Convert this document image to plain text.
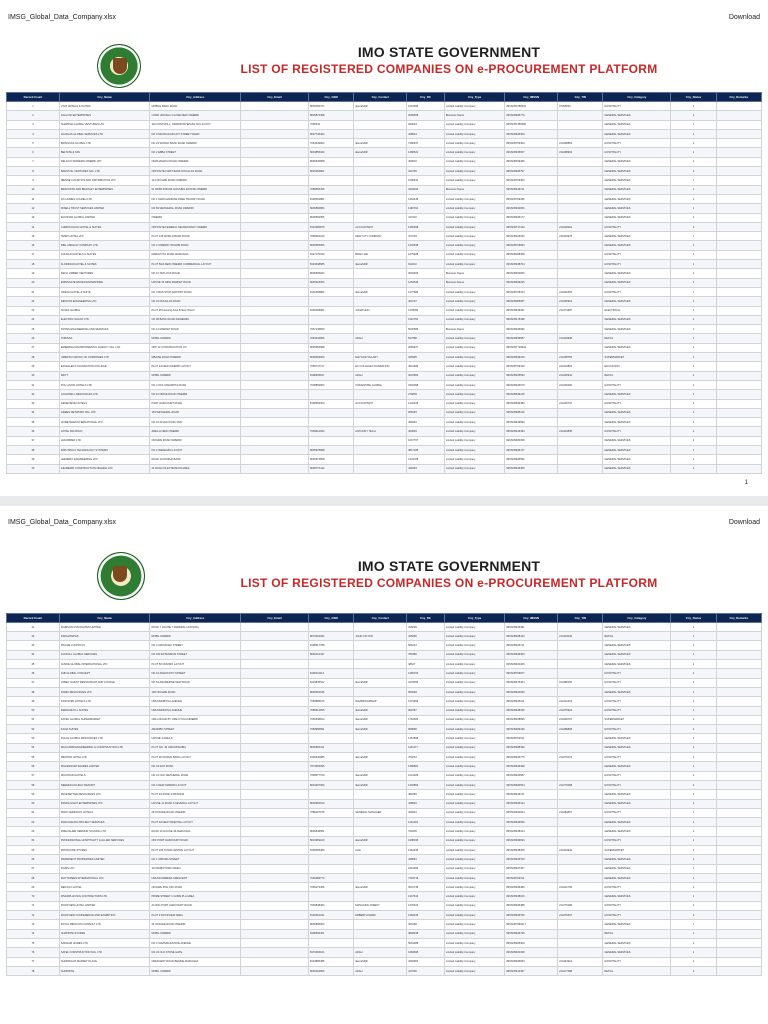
IMSG_Global_Data_Company.xlsx	Download
IMO STATE GOVERNMENT
LIST OF REGISTERED COMPANIES ON e-PROCUREMENT PLATFORM
Record Count	Cny_Name	Cny_Address	Cny_Email	Cny_GSM	Cny_Contact	Cny_RC	Cny_Type	Cny_IMSSN	Cny_TIN	Cny_Category	Cny_Status	Cny_Remarks
1	VTAT HOTELS & SUITES	MOBILE BANK ROAD		8036456767	ikamaSDR	1016695	Limited Liability Company	IMSSN57258404	07456836	HOSPITALITY	1	
2	GALLOSI ENTERPRISES	CORD UMUAGU CLOSE NEW OWERRI		8036872468		2099658	Business Name	IMSSN5486779		GENERAL SERVICES	1	
3	SHARPLE GLOBAL VENTURES LTD	110 CONTROLL, OWERRI BYEPASS NO LAYOUT		7065542		943643	Limited Liability Company	IMSSN57458389		GENERAL SERVICES	1	
4	LUADLAS GLOBAL SERVICES LTD	NO 9 MUONAGOR HOT STREET WARD		8037746464		448643	Limited Liability Company	IMSSN5465459		GENERAL SERVICES	1	
5	BIONGKAS GLOBAL LTD	NO 23 WORLD BANK ROAD OWERRI		7064649963	ikamaSDR	7480637	Limited Liability Company	IMSSN5756453	214498893	HOSPITALITY	1	
6	BELTATE & SPA	NO 2 EBBA STREET		8034855460	ikamaSDR	1480521	Limited Liability Company	IMSSN5495057	214498963	HOSPITALITY	1	
7	DELICCO MODERN OWERRI LTD	OKWUAMAKU ROAD OWERRI		8036546898		493910	Limited Liability Company	IMSSN5039496		GENERAL SERVICES	1	
8	BANSTOIL VENTURES NIG. LTD	OPPOSITE FIRST BANK DOUGLAS ROAD		8036456861		344755	Limited Liability Company	IMSSN5486797		GENERAL SERVICES	1	
9	IBENNE LOGISTICS AND DISTRIBUTION LTD	121 OKIGWE ROAD OWERRI				1048611	Limited Liability Company	IMSSN5706460		GENERAL SERVICES	1	
10	BRAVOSTO AND BRAOLEY ENTERPRISES	51 WORLD BANK HOUSING ESTATE OWERRI		7089656496		3449044	Business Name	IMSSN5449711		GENERAL SERVICES	1	
11	OC HOMES COLDEH LTD	NO 1 MARCHANDISE FREE TRANSIT ROAD		8138054881		1364448	Limited Liability Company	IMSSN5709186		GENERAL SERVICES	1	
12	MINELL TRUST SERVICES LIMITED	NO 69 WETHERAL ROAD OWERRI		8036866884		1196794	Limited Liability Company	IMSSN5494050		GENERAL SERVICES	1	
13	ECOSTAR GLOBAL LIMITED	OWERRI		8036569956		417410	Limited Liability Company	IMSSN5496177		GENERAL SERVICES	1	
14	CHRISTAGOLD HOTEL & SUITES	OPPOSITE FEDERAL SECRETARIAT OWERRI		8134386875	ACCOUNTANT	1450998	Limited Liability Company	IMSSN5717443	214429091	HOSPITALITY	1	
15	TEMPI HOTEL LTD	PLOT 145 WORLD BANK ROAD		7086963244	NEW CITY COMPANY	474703	Limited Liability Company	IMSSN5406949	214404978	GENERAL SERVICES	1	
16	DIEL ASPHALT COMPANY LTD	NO 4 OWERRI OKIGWE ROAD		8036655056		1434638	Limited Liability Company	IMSSN5706993		GENERAL SERVICES	1	
17	CHUGLIN HOTELS & SUITES	MARAVOTO ROAD AMAKOHIA		8147170040	BRAN JAE	1275488	Limited Liability Company	IMSSN5098458		HOSPITALITY	1	
18	FLORIDIAN HOTEL & SUITES	PLOT 50/A NEW OWERRI COMMERCIAL LAYOUT		8133648685	ikamaSDR	643210	Limited Liability Company	IMSSN5498704		HOSPITALITY	1	
19	KELVI LIMBER VENTURES	NO 10 TETLOCK ROAD		8036505294		3094455	Business Name	IMSSN5454950		GENERAL SERVICES	1	
20	EDINSGATE EFFIEN ENTERPRISE	HOUSE 34 NEW MARKET ROAD		8035318354		1454546	Business Name	IMSSN5469195		GENERAL SERVICES	1	
21	OKEZUI HOTEL & SUITE	NO 3 BUS STOP AIRPORT ROAD		8131668881	ikamaSDR	1477689	Limited Liability Company	IMSSN5705704	214426455	HOSPITALITY	1	
22	DENCON ENGINEERING LTD	NO 24 DOUGLAS ROAD				404737	Limited Liability Company	IMSSN5086967	214445904	GENERAL SERVICES	1	
23	SOJAS GLOBAL	PLOT 95 Housing Area B New Owerri		8136468081	JONATHON	1178089	Limited Liability Company	IMSSN5496361	214474387	ELECTRICAL	1	
24	ELECTRIC SHACK LTD	NO 38 BANK ROAD IKENEGBU				1101756	Limited Liability Company	IMSSN5476438		GENERAL SERVICES	1	
25	NOTES ENGINEERING AND SERVICES	NO 14 MARKET ROAD		7067145830		5040586	Business Name	IMSSN5496990		GENERAL SERVICES	1	
26	TORINSA	MOBIL OWERRI		7064344866	ADAH	817588	Limited Liability Company	IMSSN5456587	214404938	RETAIL	1	
27	EMIERRAH ENVIRONMENTAL AGENCY NIG. LTD	OPP 22 CONSTRUCTION CO		8036656688		2083977	Limited Liability Company	IMSSN57719994		GENERAL SERVICES	1	
28	UMEKWU GROUP OF COMPANIES LTD	MBAISE ROAD OWERRI		8038469909	MAYGOD VILLARY	345995	Limited Liability Company	IMSSN5499160	214408784	SUPERMARKET	1	
29	EXCELLENT FOUNDATION COLLEGE	PLOT 24 NEW OWERRI LAYOUT		7069747717	EX COLLEGE FOUNDATION	4541489	Limited Liability Company	IMSSN5766440	214416894	EDUCATION	1	
30	FRITT	MOBIL OWERRI		8138635817	ADAH	4034584	Limited Liability Company	IMSSN5405593	214405944	RETAIL	1	
31	POL LAVON HOTELS LTD	NO 3 OFF ASSUMPTA ROAD		7038869954	VINCENTIRE GLOBAL	3302098	Limited Liability Company	IMSSN5496679	214409160	HOSPITALITY	1	
32	GOLDWELL RESOURCES LTD	NO 16 NDIKE ROAD OWERRI				274809	Limited Liability Company	IMSSN5546145		GENERAL SERVICES	1	
33	GENEVIEVE HOTELS	PORT HARCOURT ROAD		8138656463	ACCOUNTANT	1403196	Limited Liability Company	IMSSN5696483	214415797	HOSPITALITY	1	
34	GREEN NETWORK NIG. LTD	153 WETHERAL ROAD				908145	Limited Liability Company	IMSSN5485216		GENERAL SERVICES	1	
35	HOMETEAM INTERNATIONAL LTD	NO 16 ALVAN IKOKU WAY				398349	Limited Liability Company	IMSSN5496893		GENERAL SERVICES	1	
36	HOTEL BIG BOLD	AREA H NEW OWERRI		7065612054	ANTHONY TECH	463894	Limited Liability Company	IMSSN5449494	214404845	HOSPITALITY	1	
37	HULOMBEX LTD	OKIGWE ROAD OWERRI				1047707	Limited Liability Company	IMSSN5484398		GENERAL SERVICES	1	
38	IMPUTROLS TECHNOLOGY SYSTEMS	NO 4 IKENEGBU LAYOUT		8035978898		3817185	Limited Liability Company	IMSSN5466747		GENERAL SERVICES	1	
39	LEENERO ENGINEERING LTD	ROAD 19 WORLD BANK		8036574858		1334708	Limited Liability Company	IMSSN5486596		GENERAL SERVICES	1	
40	IHIAMERIN CONSTRUCTION NIGERIA LTD	24 ROAD 09 EXTENSION AREA		8038770412		449463	Limited Liability Company	IMSSN5496465		GENERAL SERVICES	1	
1
IMSG_Global_Data_Company.xlsx	Download
IMO STATE GOVERNMENT
LIST OF REGISTERED COMPANIES ON e-PROCUREMENT PLATFORM
Record Count	Cny_Name	Cny_Address	Cny_Email	Cny_GSM	Cny_Contact	Cny_RC	Cny_Type	Cny_IMSSN	Cny_TIN	Cny_Category	Cny_Status	Cny_Remarks
41	IKAMSON ASSOCIATES LIMITED	ROAD 7 HOUSE 7 FEDERAL HOUSING				415099	Limited Liability Company	IMSSN5465391		GENERAL SERVICES	1	
42	INSIGHTEPHS	MOBIL OWERRI		8076464944	JOHN VICTOR	445096	Limited Liability Company	IMSSN5468413	214434044	RETAIL	1	
43	IPACHE LOGISTICS	NO 3 AMAUGWU STREET		8138617788		566213	Limited Liability Company	IMSSN5466711		GENERAL SERVICES	1	
44	JACKOLL GLOBAL SERVICES	NO 180 EXTENSION STREET		8036161447		789486	Limited Liability Company	IMSSN5496453		GENERAL SERVICES	1	
45	JASKIE GLOBAL INTERNATIONAL LTD	PLOT 56 ONUIMO LAYOUT				48647	Limited Liability Company	IMSSN5464406		GENERAL SERVICES	1	
46	JAB GLOBAL CONCEPT	NO 16 AMAOKOTO STREET		8138131114		1465700	Limited Liability Company	IMSSN5766977		HOSPITALITY	1	
47	JOBEC GUEST RESTAURANT AND LOUNGE	NO 54 ANAMEZINE NEW ROAD		8134845522	ikamaSDR	3178356	Limited Liability Company	IMSSN5476464	214488155	HOSPITALITY	1	
48	KAMKI RESOURCES LTD	138 OKIGWE ROAD		8036664646		954648	Limited Liability Company	IMSSN5404930		GENERAL SERVICES	1	
49	KASTAVEN HOTELS LTD	UMUOMOBOSU AVENUE		7068885976	WAZIRIWORSHIP	1373999	Limited Liability Company	IMSSN5495011	214412454	HOSPITALITY	1	
50	KEDDANHYLL SUITES	UMUOMODOVU AVENUE		7085614655	ikamaSDR	909787	Limited Liability Company	IMSSN5498166	214475924	HOSPITALITY	1	
51	KATEX GLOBAL SUPERMARKET	ORLU ROAD BY ORE-OTOLUKIMERRI		7066548814	ikamaSDR	1781565	Limited Liability Company	IMSSN5458995	214409787	SUPERMARKET	1	
52	KAVIA SUITES	AMARIBO STREET		7083955891	ikamaSDR	959896	Limited Liability Company	IMSSN5489199	214489808	HOSPITALITY	1	
53	KOLLE GLOBAL RESOURCES LTD	HOUSE 4 AREA K				1351898	Limited Liability Company	IMSSN5704511		GENERAL SERVICES	1	
54	MACCARBI ENGINEERING & CONSTRUCTION LTD	PLOT NO. 49 UMUOKWUBIA		8036866411		1101177	Limited Liability Company	IMSSN5488499		GENERAL SERVICES	1	
55	MENTOR HOTEL LTD	PLOT 90 WORLD BANK LAYOUT		8136640985	ikamaSDR	700264	Limited Liability Company	IMSSN5496775	214476073	HOSPITALITY	1	
56	MILLENNIUM SHARES LIMITED	NO 43 IHIO ROAD		7074665095		1389581	Limited Liability Company	IMSSN5496498		GENERAL SERVICES	1	
57	MOUNTAIN HOTELS	NO 16 OLD WETHERAL ROAD		7068677769	ikamaSDR	1241489	Limited Liability Company	IMSSN5464587		HOSPITALITY	1	
58	NEEDEN HOLIDAY RESORT	NO 4 NEW OWERRI LAYOUT		8034497053	ikamaSDR	1418853	Limited Liability Company	IMSSN5484564	214770098	HOSPITALITY	1	
59	PACESETTER RESOURCES LTD	PLOT 94 ZONE 4 PRISONS				489459	Limited Liability Company	IMSSN5496741		GENERAL SERVICES	1	
60	PANDA GIANT ENTERPRISES LTD	HOUSE 11 ROAD 6 SEVERAL LAYOUT		8036966613		448946	Limited Liability Company	IMSSN5496414		GENERAL SERVICES	1	
61	PARK VERINCOS HOTELS	28 OKIGWE ROAD OWERRI		7089497978	GENERAL MANAGER	449901	Limited Liability Company	IMSSN5490934	214484567	HOSPITALITY	1	
62	PARA MALPHI PROJECT SERVICES	PLOT 94 NEW ORIENTAL LAYOUT				1121494	Limited Liability Company	IMSSN5496059		GENERAL SERVICES	1	
63	PRECIALIER SERMOR STAGING LTD	ROAD 16 HOUSE 43 AMAKOHIA		8036848581		799405	Limited Liability Company	IMSSN5498164		GENERAL SERVICES	1	
64	PROFESSIONAL HOSPITALITY & ALLIED SERVICES	OFF PORT HARCOURT ROAD		8034969163	ikamaSDR	1408196	Limited Liability Company	IMSSN5496694		HOSPITALITY	1	
65	PROSOCRE STORES	PLOT 165 TOWN CENTRE LAYOUT		8138465489	estia	1364235	Limited Liability Company	IMSSN5498406	214434944	SUPERMARKET	1	
66	PRAMINENT PROPERTIES LIMITED	NO 1 OBIOMA STREET				448681	Limited Liability Company	IMSSN5466703		GENERAL SERVICES	1	
67	PIAMS LTD	113 MGBOTOMA ORIEN				2461693	Limited Liability Company	IMSSN5497467		GENERAL SERVICES	1	
68	RHYTOPEEN INTERNATIONAL LTD	UMUOKOMBERA CRESCENT		7066389773		7104716	Limited Liability Company	IMSSN5703311		GENERAL SERVICES	1	
69	REIKOLO HOTEL	OKIGWE BYE OFF ROAD		7066173466	ikamaSDR	3641748	Limited Liability Company	IMSSN5496380	214421796	HOSPITALITY	1	
70	RIVERPLAN NIG CONTRACTORS LTD	PRIME STREET 1 GORE PLA AREA				1347613	Limited Liability Company	IMSSN5498016		GENERAL SERVICES	1	
71	ROCKVIEW HOTEL LIMITED	ALONG PORT HARCOURT ROAD		7066848494	MANAGING DIRECT	1376404	Limited Liability Company	IMSSN5496488	214775186	HOSPITALITY	1	
72	ROCKVIEW CONFERENCE AND EXHIBITION	PLOT 9 ROCKVIEW AREA		8136991231	ERBERTH MARK	1383245	Limited Liability Company	IMSSN5496706	214476497	HOSPITALITY	1	
73	ROYAL BIRACOSI CONSULT LTD	24 OKIGWE ROAD OWERRI		8036898904		464458	Limited Liability Company	IMSSN57966417		GENERAL SERVICES	1	
74	SHAPRITE STORES	MOBIL OWERRI		8138606461		3848348	Limited Liability Company	IMSSN5496799		RETAIL	1	
75	SAMSAM HOMES LTD	NO 9 SAMSAM ESTATE AVENUE				5061388	Limited Liability Company	IMSSN5486409		GENERAL SERVICES	1	
76	SATEL CONSTRUCTION NIG. LTD	NO 34 OLD STONE GATE		8170466161	ADAH	1384695	Limited Liability Company	IMSSN5400498		GENERAL SERVICES	1	
77	SHOPRIGHT MARKET PLACE	CRESCENT ROAD BESIDE AMAKOHIA		8134895486	ikamaSDR	4493963	Limited Liability Company	IMSSN5496093	214444913	HOSPITALITY	1	
78	SHOPRITE	MOBIL OWERRI		8036494856	ADAH	417690	Limited Liability Company	IMSSN5414497	214477088	RETAIL	1	
